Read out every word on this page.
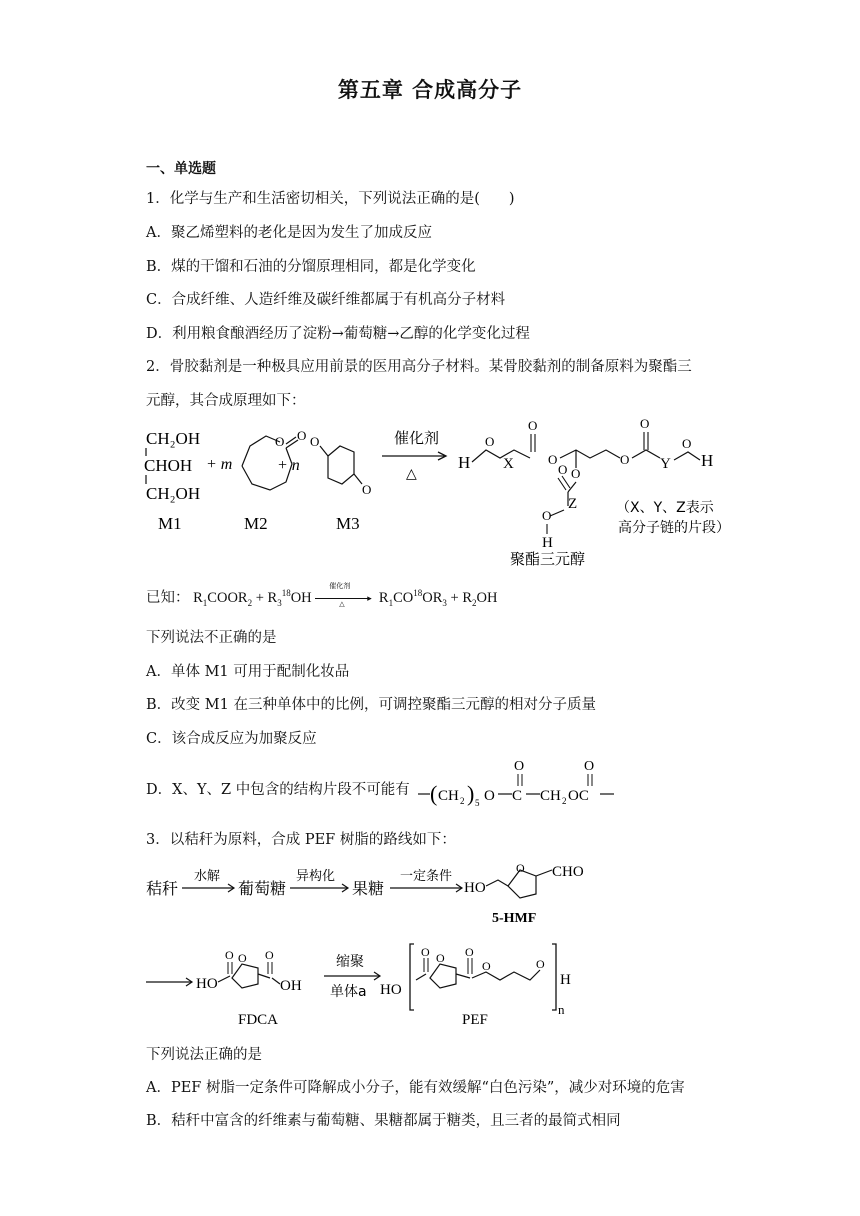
第五章 合成高分子
一、单选题
1．化学与生产和生活密切相关，下列说法正确的是(　　)
A．聚乙烯塑料的老化是因为发生了加成反应
B．煤的干馏和石油的分馏原理相同，都是化学变化
C．合成纤维、人造纤维及碳纤维都属于有机高分子材料
D．利用粮食酿酒经历了淀粉→葡萄糖→乙醇的化学变化过程
2．骨胶黏剂是一种极具应用前景的医用高分子材料。某骨胶黏剂的制备原料为聚酯三
元醇，其合成原理如下：
CH₂OH
CHOH
CH₂OH
M1
+ m
O O
M2
+ n
O
O
M3
催化剂
△
H
O
X
O
O	O
O
Y
O
H
O
O
Z
O
H
聚酯三元醇
（X、Y、Z表示
高分子链的片段）
已知： $R_1COOR_2 + R_3^{18}OH$
催化剂
▸
△ $R_1CO^{18}OR_3 + R_2OH$
下列说法不正确的是
A．单体 M1 可用于配制化妆品
B．改变 M1 在三种单体中的比例，可调控聚酯三元醇的相对分子质量
C．该合成反应为加聚反应
D．X、Y、Z 中包含的结构片段不可能有 ( CH 2 ) 5 O C
O
CH 2 OC
O
3．以秸秆为原料，合成 PEF 树脂的路线如下：
秸秆
水解
葡萄糖
异构化
果糖
一定条件
HO
O CHO
5-HMF
HO
O O O
OH
FDCA
缩聚
单体a HO
O O O
O	O
H
n
PEF
下列说法正确的是
A．PEF 树脂一定条件可降解成小分子，能有效缓解“白色污染”，减少对环境的危害
B．秸秆中富含的纤维素与葡萄糖、果糖都属于糖类，且三者的最简式相同
